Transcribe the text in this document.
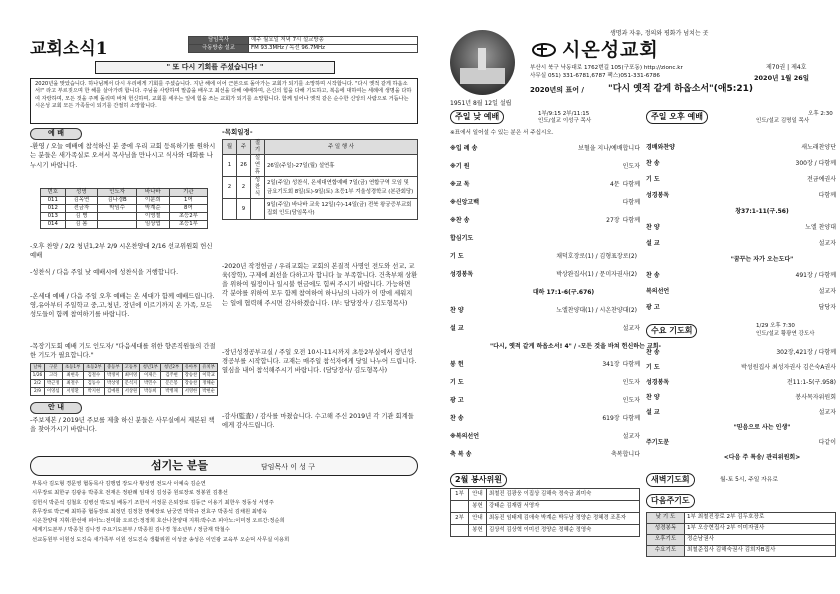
교회소식1	담임목사	예주 월요일 저녁 7시 설교방송
극동방송 설교	FM 93.3MHz / 녹선 96.7MHz
" 또 다시 기회를 주셨습니다! "
2020년을 맞았습니다. 하나님께서 다시 우리에게 기회를 주셨습니다. 지난 해에 이어 근본으로 돌아가는 교회가 되기를 소망하며 시작합니다. "다시 옛적 같게 하옵소서!" 라고 부르짖으며 한 해를 살아가려 합니다. 주님을 사랑하며 말씀을 배우고 최선을 다해 예배하며, 은신의 힘을 다해 기도하고, 복음에 대하여는 세례에 생명을 다하여 자랑하며, 모든 것을 주께 돌리며 바쳐 헌신하며, 교회를 세우는 일에 힘을 쓰는 교회가 되기를 소망합니다. 함께 일어나 옛적 같은 순수한 신앙의 사람으로 거듭나는 시온성 교회 모든 가족들이 되기를 간절히 소망합니다.
예 배
-환영 / 오늘 예배에 참석하신 분 중에 우리 교회 등록하기를 원하시는 분들은 새가족실로 오셔서 목사님을 만나시고 식사와 대화를 나누시기 바랍니다.
번호	성명	인도자	바나바	기관
011	김옥연	김나경B	이분희	1여
012	전금자	박임수	박계순	8여
013	김 병		이영철	초등2부
014	김 봄		임상엽	초등1부
-오후 찬양 / 2/2 청년1,2부 2/9 시온찬양대 2/16 선교위원회 헌신예배
-성찬식 / 다음 주일 낮 예배시에 성찬식을 거행합니다.
-온세대 예배 / 다음 주일 오후 예배는 온 세대가 함께 예배드립니다. 영,유아부터 주일학교 중,고,청년, 장년에 이르기까지 온 가족, 모든 성도들이 함께 참여하기를 바랍니다.
-목장기도회 예배 기도 인도자/ "다음세대를 위한 향존직원들의 간절한 기도가 필요합니다."
날짜	구분	초등1부	초등2부	중등부	고등부	청년1부	청년2부	유아부	유치부
1/26	고라	최현욱	김철수	박정미	최미영	이제은	김주현	장승찬	이학교
2/2	박근정	최철우	김동수	박상영	문석지	박민수	문은봉	장승찬	정해순
2/9	이영섭	서영환	박지현	김예원	서상원	박동희	박병채	서영한	박현순
안 내
-주보제본 / 2019년 주보를 제출 하신 분들은 사무실에서 제본된 책을 찾아가시기 바랍니다.
-목회일정-
월	주	절기	주 일 행 사
1	26	설연휴	26일(주일)-27일(월) 설연휴
2	2	성찬식	2일(주일) 성찬식, 온세대연합예배 7일(금) 연합구역 모임 및 금요기도회 8일(토)-9일(토) 초등1부 겨울성경학교 (본관회당)
	9		9일(주일) 바나바 교육 12일(수)-14일(금) 전북 왕궁증부교회 집회 인도(담임목사)
-2020년 작정헌금 / 우리교회는 교회의 본질적 사명인 전도와 선교, 교육(장학), 구제에 최선을 다하고자 합니다 늘 부족합니다. 건축부채 상환을 위하여 월정이나 일시불 헌금에도 힘써 주시기 바랍니다. 가능하면 각 분야를 위하여 모두 함께 참여하여 하나님의 나라가 이 땅에 세워지는 일에 협력해 주시면 감사하겠습니다. (부: 담당장사 / 김도형목사)
-장년성경공부교실 / 주일 오전 10시-11시까지 초등2부실에서 장년성경공부를 시작합니다. 교재는 매주일 참석자에게 당일 나누어 드립니다. 열심을 내어 참석해주시기 바랍니다. (담당장사/ 김도형목사)
-감사(監査) / 감사를 마쳤습니다. 수고해 주신 2019년 각 기관 회계들에게 감사드립니다.
섬기는 분들	담임목사 이 성 구
부목사 김도형 경문영 협동목사 김맹엽 장도사 황성영 전도사 이예숙 김순연
시무장로 최한규 김광웅 박종호 전재은 정판례 임대성 김성중 원로장로 정봉원 김홍선
김헌식 박준석 김철호 김병선 박도일 배동기 조한식 서정문 은퇴장로 김동근 이용기 최한우 정동성 서영주
휴무장로 박근배 최하종 협동장로 최정민 김정찬 명예장로 남궁연 박학규 전효구 박종석 김채원 최병욱
시온찬양대 지휘:한선애 피아노:전미화 오르간:정정희 호산나찬양대 지휘:박수조 피아노:이미정 오르간:정순희
세계기도본부 / 박종천 김나경 주요기도본부 / 박종원 김나경 청소년부 / 정금재 박철수
선교동원부 이원성 도진숙 새가족부 이원 성도진숙 생활위원 이성균 송성은 이인광 교육부 오순덕 사무실 이용희
생명과 자유, 정의와 평화가 넘치는 곳
시온성교회
부산시 북구 낙동대로 1762번길 105(구포동) http://zionc.kr
사무실 051) 331-6781,6787 팩스)051-331-6786
제70권 | 제4호
2020년 1월 26일
2020년의 표어 /	"다시 옛적 같게 하옵소서"(애5:21)
1951년 8월 12일 설립
주일 낮 예배	1부/9:15 2부/11:15
인도/설교 이성구 목사
※표에서 일어설 수 있는 분은 서 주십시오.
※입 례 송	보혈을 지나/예배합니다
※기 원	인도자
※교 독	4문 다함께
※신앙고백	다함께
※찬 송	27장 다함께
합심기도
기 도	채덕호장로(1) / 김형표장로(2)
성경봉독	박상완집사(1) / 문미자권사(2)
대하 17:1-6(구.676)
찬 양	노엘찬양대(1) / 시온찬양대(2)
설 교	설교자
"다시, 옛적 같게 하옵소서! 4" / -모든 것을 바쳐 헌신하는 교회-
봉 헌	341장 다함께
기 도	인도자
광 고	인도자
찬 송	619장 다함께
※복의선언	설교자
축 복 송	축복합니다
2월 봉사위원
1부	안내	최철진 김광웅 이집상 김해숙 정숙금 최미숙
	봉헌	강태순 김재림 서영자
2부	안내	최동진 임태제 김애숙 박계순 박두남 정양순 정혜경 조혼자
	봉헌	김상석 김상혁 이미선 정양순 정혜순 정영숙
주일 오후 예배	오후 2:30
인도/설교 김명일 목사
경배와찬양	새노래찬양단
찬 송	300장 / 다함께
기 도	전금예권사
성경봉독	다함께
창37:1-11(구.56)
찬 양	노엘 찬양대
설 교	설교자
"꿈꾸는 자가 오는도다"
찬 송	491장 / 다함께
복의선언	설교자
광 고	담당자
수요 기도회	1/29 오후 7:30
인도/설교 황광연 강도사
찬 송	302장,421장 / 다함께
기 도	박성원집사 최성자권사 김은숙A권사
성경봉독	전11:1-5(구.958)
찬 양	봉사목자위원회
설 교	설교자
"믿음으로 사는 인생"
주기도문	다같이
<다음 주 특송/ 관리위원회>
새벽기도회	월-토 5시, 주일 자유로
다음주기도
낮 기 도	1부 최철진장로 2부 김두호장로
성경봉독	1부 오승현집사 2부 이미자권사
오후기도	정순남권사
수요기도	최철준집사 김해숙권사 김희자B집사
